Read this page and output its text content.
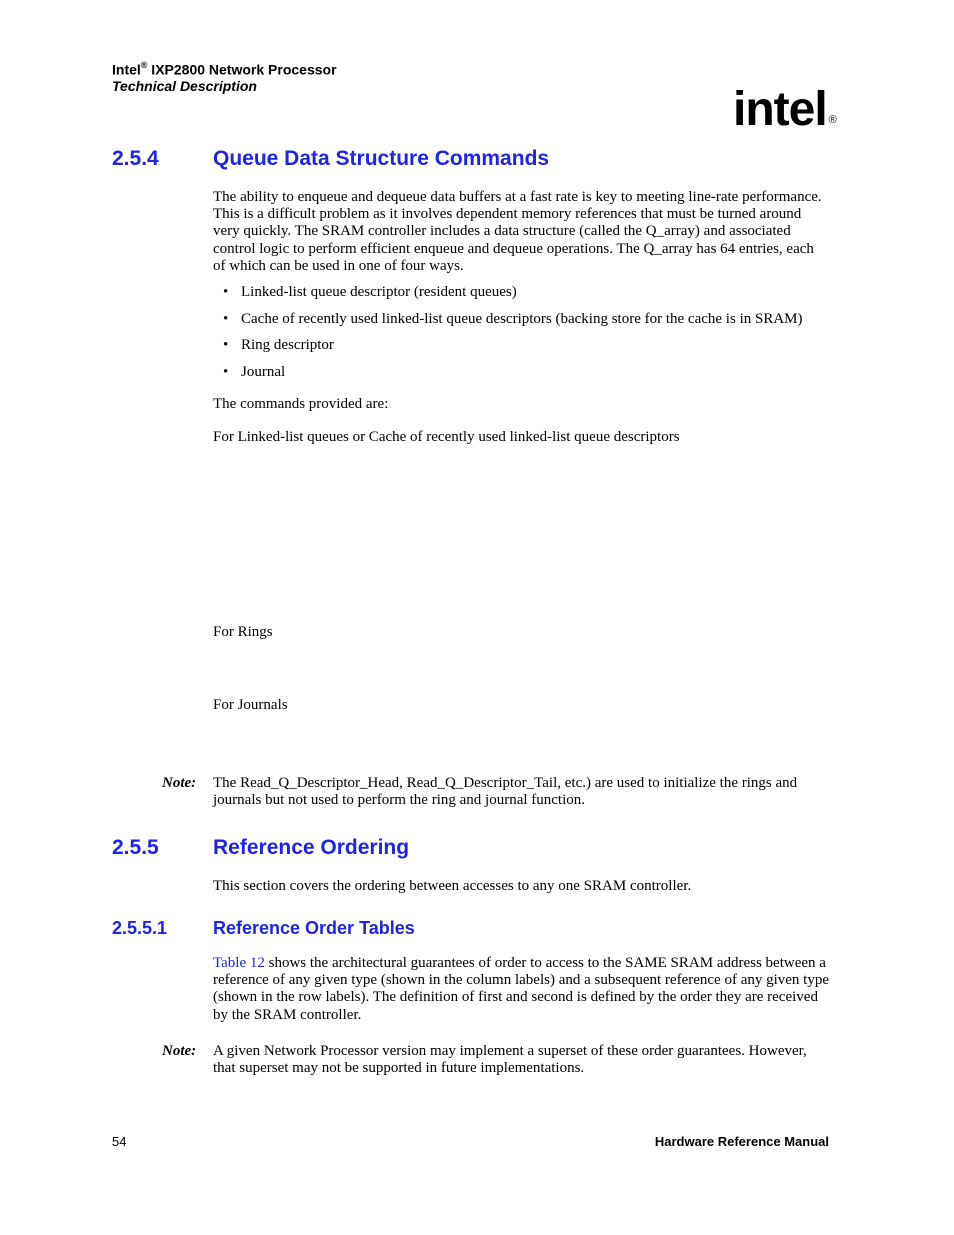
Intel® IXP2800 Network Processor
Technical Description	intel ®
2.5.4	Queue Data Structure Commands
The ability to enqueue and dequeue data buffers at a fast rate is key to meeting line-rate performance. This is a difficult problem as it involves dependent memory references that must be turned around very quickly. The SRAM controller includes a data structure (called the Q_array) and associated control logic to perform efficient enqueue and dequeue operations. The Q_array has 64 entries, each of which can be used in one of four ways.
• Linked-list queue descriptor (resident queues)
• Cache of recently used linked-list queue descriptors (backing store for the cache is in SRAM)
• Ring descriptor
• Journal
The commands provided are:
For Linked-list queues or Cache of recently used linked-list queue descriptors
For Rings
For Journals
Note: The Read_Q_Descriptor_Head, Read_Q_Descriptor_Tail, etc.) are used to initialize the rings and journals but not used to perform the ring and journal function.
2.5.5	Reference Ordering
This section covers the ordering between accesses to any one SRAM controller.
2.5.5.1	Reference Order Tables
Table 12 shows the architectural guarantees of order to access to the SAME SRAM address between a reference of any given type (shown in the column labels) and a subsequent reference of any given type (shown in the row labels). The definition of first and second is defined by the order they are received by the SRAM controller.
Note: A given Network Processor version may implement a superset of these order guarantees. However, that superset may not be supported in future implementations.
54	Hardware Reference Manual
